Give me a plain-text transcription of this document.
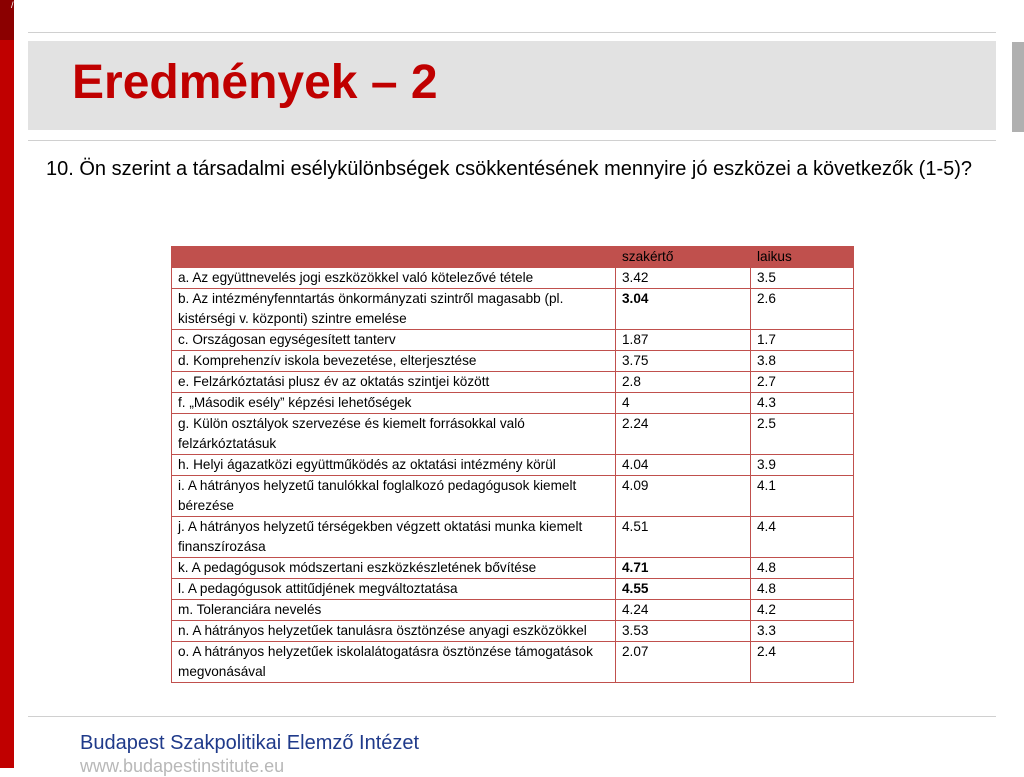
/
Eredmények – 2

10. Ön szerint a társadalmi esélykülönbségek csökkentésének mennyire jó eszközei a következők (1-5)?

	szakértő	laikus
a. Az együttnevelés jogi eszközökkel való kötelezővé tétele	3.42	3.5
b. Az intézményfenntartás önkormányzati szintről magasabb (pl. kistérségi v. központi) szintre emelése	3.04	2.6
c. Országosan egységesített tanterv	1.87	1.7
d. Komprehenzív iskola bevezetése, elterjesztése	3.75	3.8
e. Felzárkóztatási plusz év az oktatás szintjei között	2.8	2.7
f. „Második esély” képzési lehetőségek	4	4.3
g. Külön osztályok szervezése és kiemelt forrásokkal való felzárkóztatásuk	2.24	2.5
h. Helyi ágazatközi együttműködés az oktatási intézmény körül	4.04	3.9
i. A hátrányos helyzetű tanulókkal foglalkozó pedagógusok kiemelt bérezése	4.09	4.1
j. A hátrányos helyzetű térségekben végzett oktatási munka kiemelt finanszírozása	4.51	4.4
k. A pedagógusok módszertani eszközkészletének bővítése	4.71	4.8
l. A pedagógusok attitűdjének megváltoztatása	4.55	4.8
m. Toleranciára nevelés	4.24	4.2
n. A hátrányos helyzetűek tanulásra ösztönzése anyagi eszközökkel	3.53	3.3
o. A hátrányos helyzetűek iskolalátogatásra ösztönzése támogatások megvonásával	2.07	2.4

Budapest Szakpolitikai Elemző Intézet

www.budapestinstitute.eu
